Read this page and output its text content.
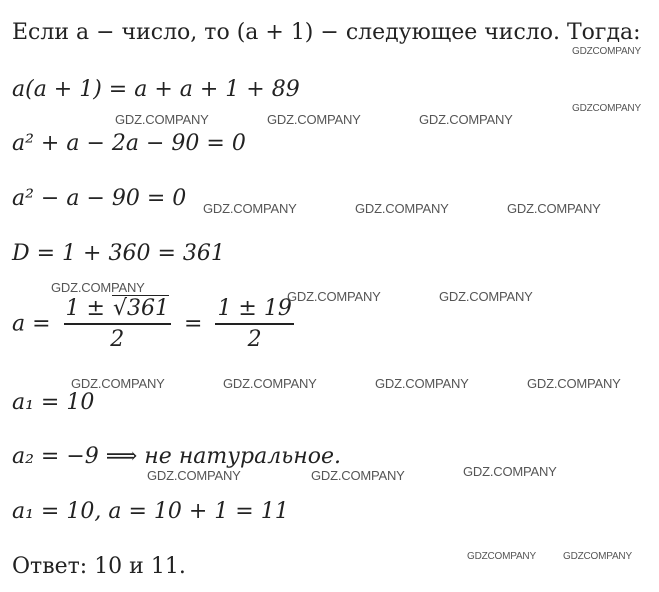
Если a − число, то (a + 1) − следующее число. Тогда:
a(a + 1) = a + a + 1 + 89
a² + a − 2a − 90 = 0
a² − a − 90 = 0
D = 1 + 360 = 361
$a = \frac{1 \pm √361}{2} = \frac{1 \pm 19}{2}$
a₁ = 10
a₂ = −9 ⟹ не натуральное.
a₁ = 10, a = 10 + 1 = 11
Ответ: 10 и 11.
GDZCOMPANY
GDZCOMPANY
GDZ.COMPANY	GDZ.COMPANY	GDZ.COMPANY
GDZ.COMPANY	GDZ.COMPANY	GDZ.COMPANY
GDZ.COMPANY
GDZ.COMPANY	GDZ.COMPANY
GDZ.COMPANY	GDZ.COMPANY	GDZ.COMPANY	GDZ.COMPANY
GDZ.COMPANY
GDZ.COMPANY	GDZ.COMPANY
GDZCOMPANY	GDZCOMPANY
